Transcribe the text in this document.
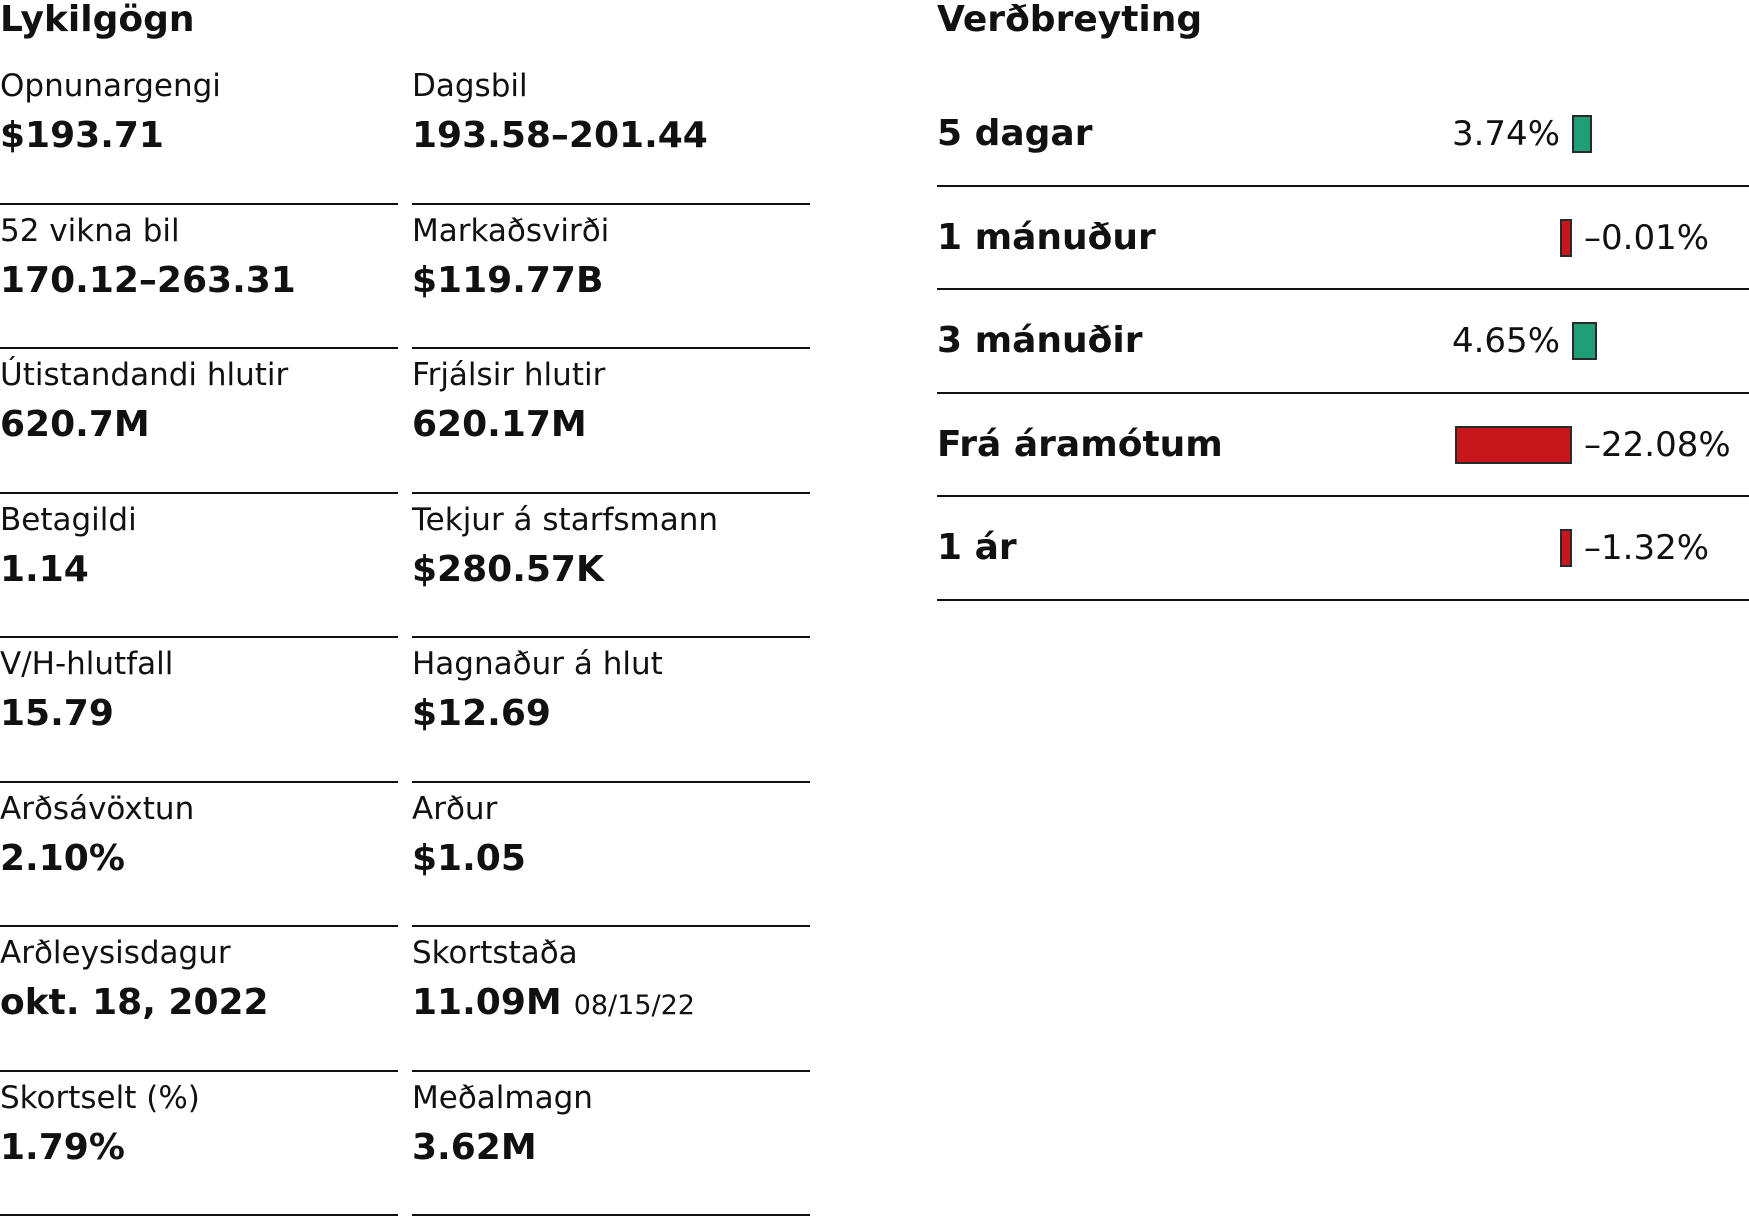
Lykilgögn
Opnunargengi
$193.71
Dagsbil
193.58–201.44
52 vikna bil
170.12–263.31
Markaðsvirði
$119.77B
Útistandandi hlutir
620.7M
Frjálsir hlutir
620.17M
Betagildi
1.14
Tekjur á starfsmann
$280.57K
V/H-hlutfall
15.79
Hagnaður á hlut
$12.69
Arðsávöxtun
2.10%
Arður
$1.05
Arðleysisdagur
okt. 18, 2022
Skortstaða
11.09M 08/15/22
Skortselt (%)
1.79%
Meðalmagn
3.62M
Verðbreyting
5 dagar	3.74%
1 mánuður	–0.01%
3 mánuðir	4.65%
Frá áramótum	–22.08%
1 ár	–1.32%
